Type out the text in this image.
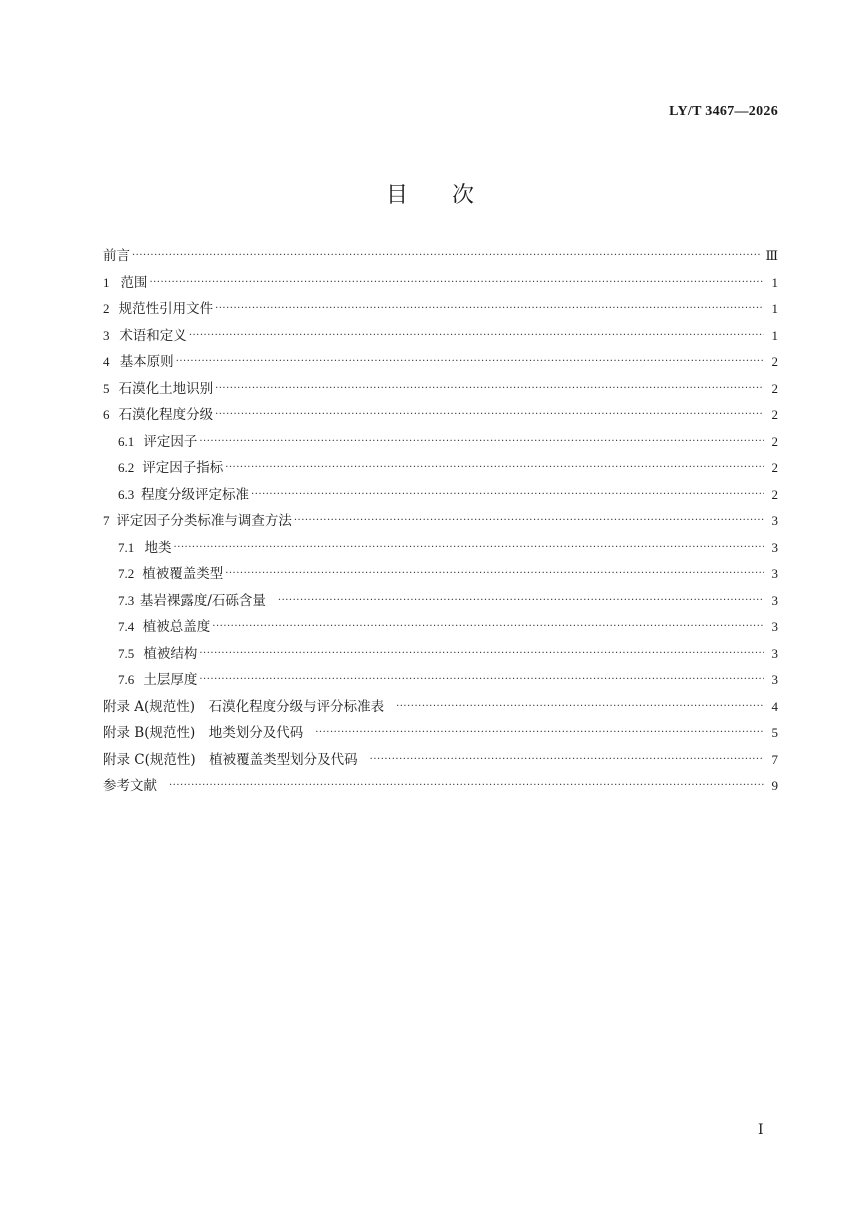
LY/T 3467—2026
目 次
前言 ·····	Ⅲ
1 范围 ·····	1
2 规范性引用文件 ·····	1
3 术语和定义 ·····	1
4 基本原则 ·····	2
5 石漠化土地识别 ·····	2
6 石漠化程度分级 ·····	2
6.1 评定因子 ·····	2
6.2 评定因子指标 ·····	2
6.3 程度分级评定标准 ·····	2
7 评定因子分类标准与调查方法 ·····	3
7.1 地类 ·····	3
7.2 植被覆盖类型 ·····	3
7.3 基岩裸露度/石砾含量 ·····	3
7.4 植被总盖度 ·····	3
7.5 植被结构 ·····	3
7.6 土层厚度 ·····	3
附录 A(规范性)　石漠化程度分级与评分标准表 ·····	4
附录 B(规范性)　地类划分及代码 ·····	5
附录 C(规范性)　植被覆盖类型划分及代码 ·····	7
参考文献 ·····	9
Ⅰ
